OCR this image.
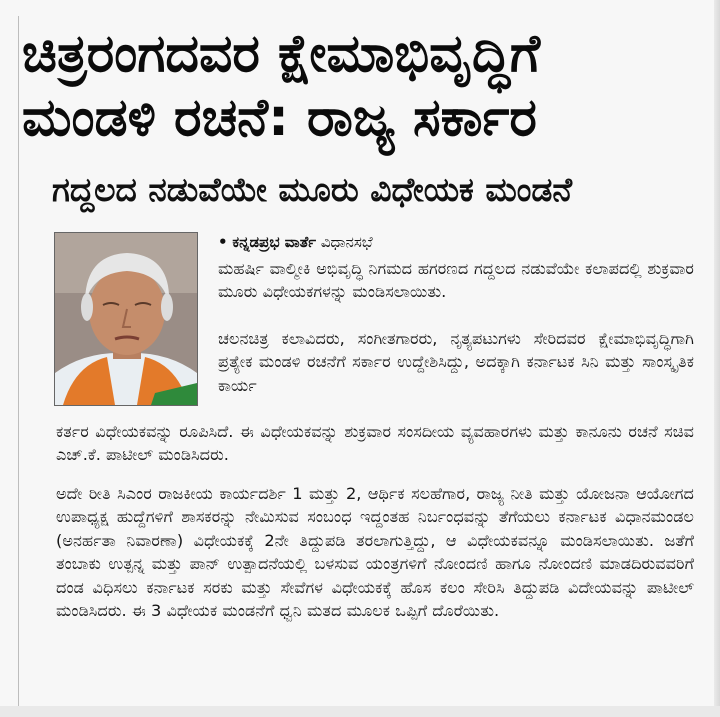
ಚಿತ್ರರಂಗದವರ ಕ್ಷೇಮಾಭಿವೃದ್ಧಿಗೆ
ಮಂಡಳಿ ರಚನೆ: ರಾಜ್ಯ ಸರ್ಕಾರ
ಗದ್ದಲದ ನಡುವೆಯೇ ಮೂರು ವಿಧೇಯಕ ಮಂಡನೆ
• ಕನ್ನಡಪ್ರಭ ವಾರ್ತೆ ವಿಧಾನಸಭೆ

ಮಹರ್ಷಿ ವಾಲ್ಮೀಕಿ ಅಭಿವೃದ್ಧಿ ನಿಗಮದ ಹಗರಣದ ಗದ್ದಲದ ನಡುವೆಯೇ ಕಲಾಪದಲ್ಲಿ ಶುಕ್ರವಾರ ಮೂರು ವಿಧೇಯಕಗಳನ್ನು ಮಂಡಿಸಲಾಯಿತು.

ಚಲನಚಿತ್ರ ಕಲಾವಿದರು, ಸಂಗೀತಗಾರರು, ನೃತ್ಯಪಟುಗಳು ಸೇರಿದವರ ಕ್ಷೇಮಾಭಿವೃದ್ಧಿಗಾಗಿ ಪ್ರತ್ಯೇಕ ಮಂಡಳಿ ರಚನೆಗೆ ಸರ್ಕಾರ ಉದ್ದೇಶಿಸಿದ್ದು, ಅದಕ್ಕಾಗಿ ಕರ್ನಾಟಕ ಸಿನಿ ಮತ್ತು ಸಾಂಸ್ಕೃತಿಕ ಕಾರ್ಯ

ಕರ್ತರ ವಿಧೇಯಕವನ್ನು ರೂಪಿಸಿದೆ. ಈ ವಿಧೇಯಕವನ್ನು ಶುಕ್ರವಾರ ಸಂಸದೀಯ ವ್ಯವಹಾರಗಳು ಮತ್ತು ಕಾನೂನು ರಚನೆ ಸಚಿವ ಎಚ್.ಕೆ. ಪಾಟೀಲ್ ಮಂಡಿಸಿದರು.

ಅದೇ ರೀತಿ ಸಿಎಂರ ರಾಜಕೀಯ ಕಾರ್ಯದರ್ಶಿ 1 ಮತ್ತು 2, ಆರ್ಥಿಕ ಸಲಹೆಗಾರ, ರಾಜ್ಯ ನೀತಿ ಮತ್ತು ಯೋಜನಾ ಆಯೋಗದ ಉಪಾಧ್ಯಕ್ಷ ಹುದ್ದೆಗಳಿಗೆ ಶಾಸಕರನ್ನು ನೇಮಿಸುವ ಸಂಬಂಧ ಇದ್ದಂತಹ ನಿರ್ಬಂಧವನ್ನು ತೆಗೆಯಲು ಕರ್ನಾಟಕ ವಿಧಾನಮಂಡಲ (ಅನರ್ಹತಾ ನಿವಾರಣಾ) ವಿಧೇಯಕಕ್ಕೆ 2ನೇ ತಿದ್ದುಪಡಿ ತರಲಾಗುತ್ತಿದ್ದು, ಆ ವಿಧೇಯಕವನ್ನೂ ಮಂಡಿಸಲಾಯಿತು. ಜತೆಗೆ ತಂಬಾಕು ಉತ್ಪನ್ನ ಮತ್ತು ಪಾನ್ ಉತ್ಪಾದನೆಯಲ್ಲಿ ಬಳಸುವ ಯಂತ್ರಗಳಿಗೆ ನೋಂದಣಿ ಹಾಗೂ ನೋಂದಣಿ ಮಾಡದಿರುವವರಿಗೆ ದಂಡ ವಿಧಿಸಲು ಕರ್ನಾಟಕ ಸರಕು ಮತ್ತು ಸೇವೆಗಳ ವಿಧೇಯಕಕ್ಕೆ ಹೊಸ ಕಲಂ ಸೇರಿಸಿ ತಿದ್ದುಪಡಿ ವಿದೇಯವನ್ನು ಪಾಟೀಲ್ ಮಂಡಿಸಿದರು. ಈ 3 ವಿಧೇಯಕ ಮಂಡನೆಗೆ ಧ್ವನಿ ಮತದ ಮೂಲಕ ಒಪ್ಪಿಗೆ ದೊರೆಯಿತು.
